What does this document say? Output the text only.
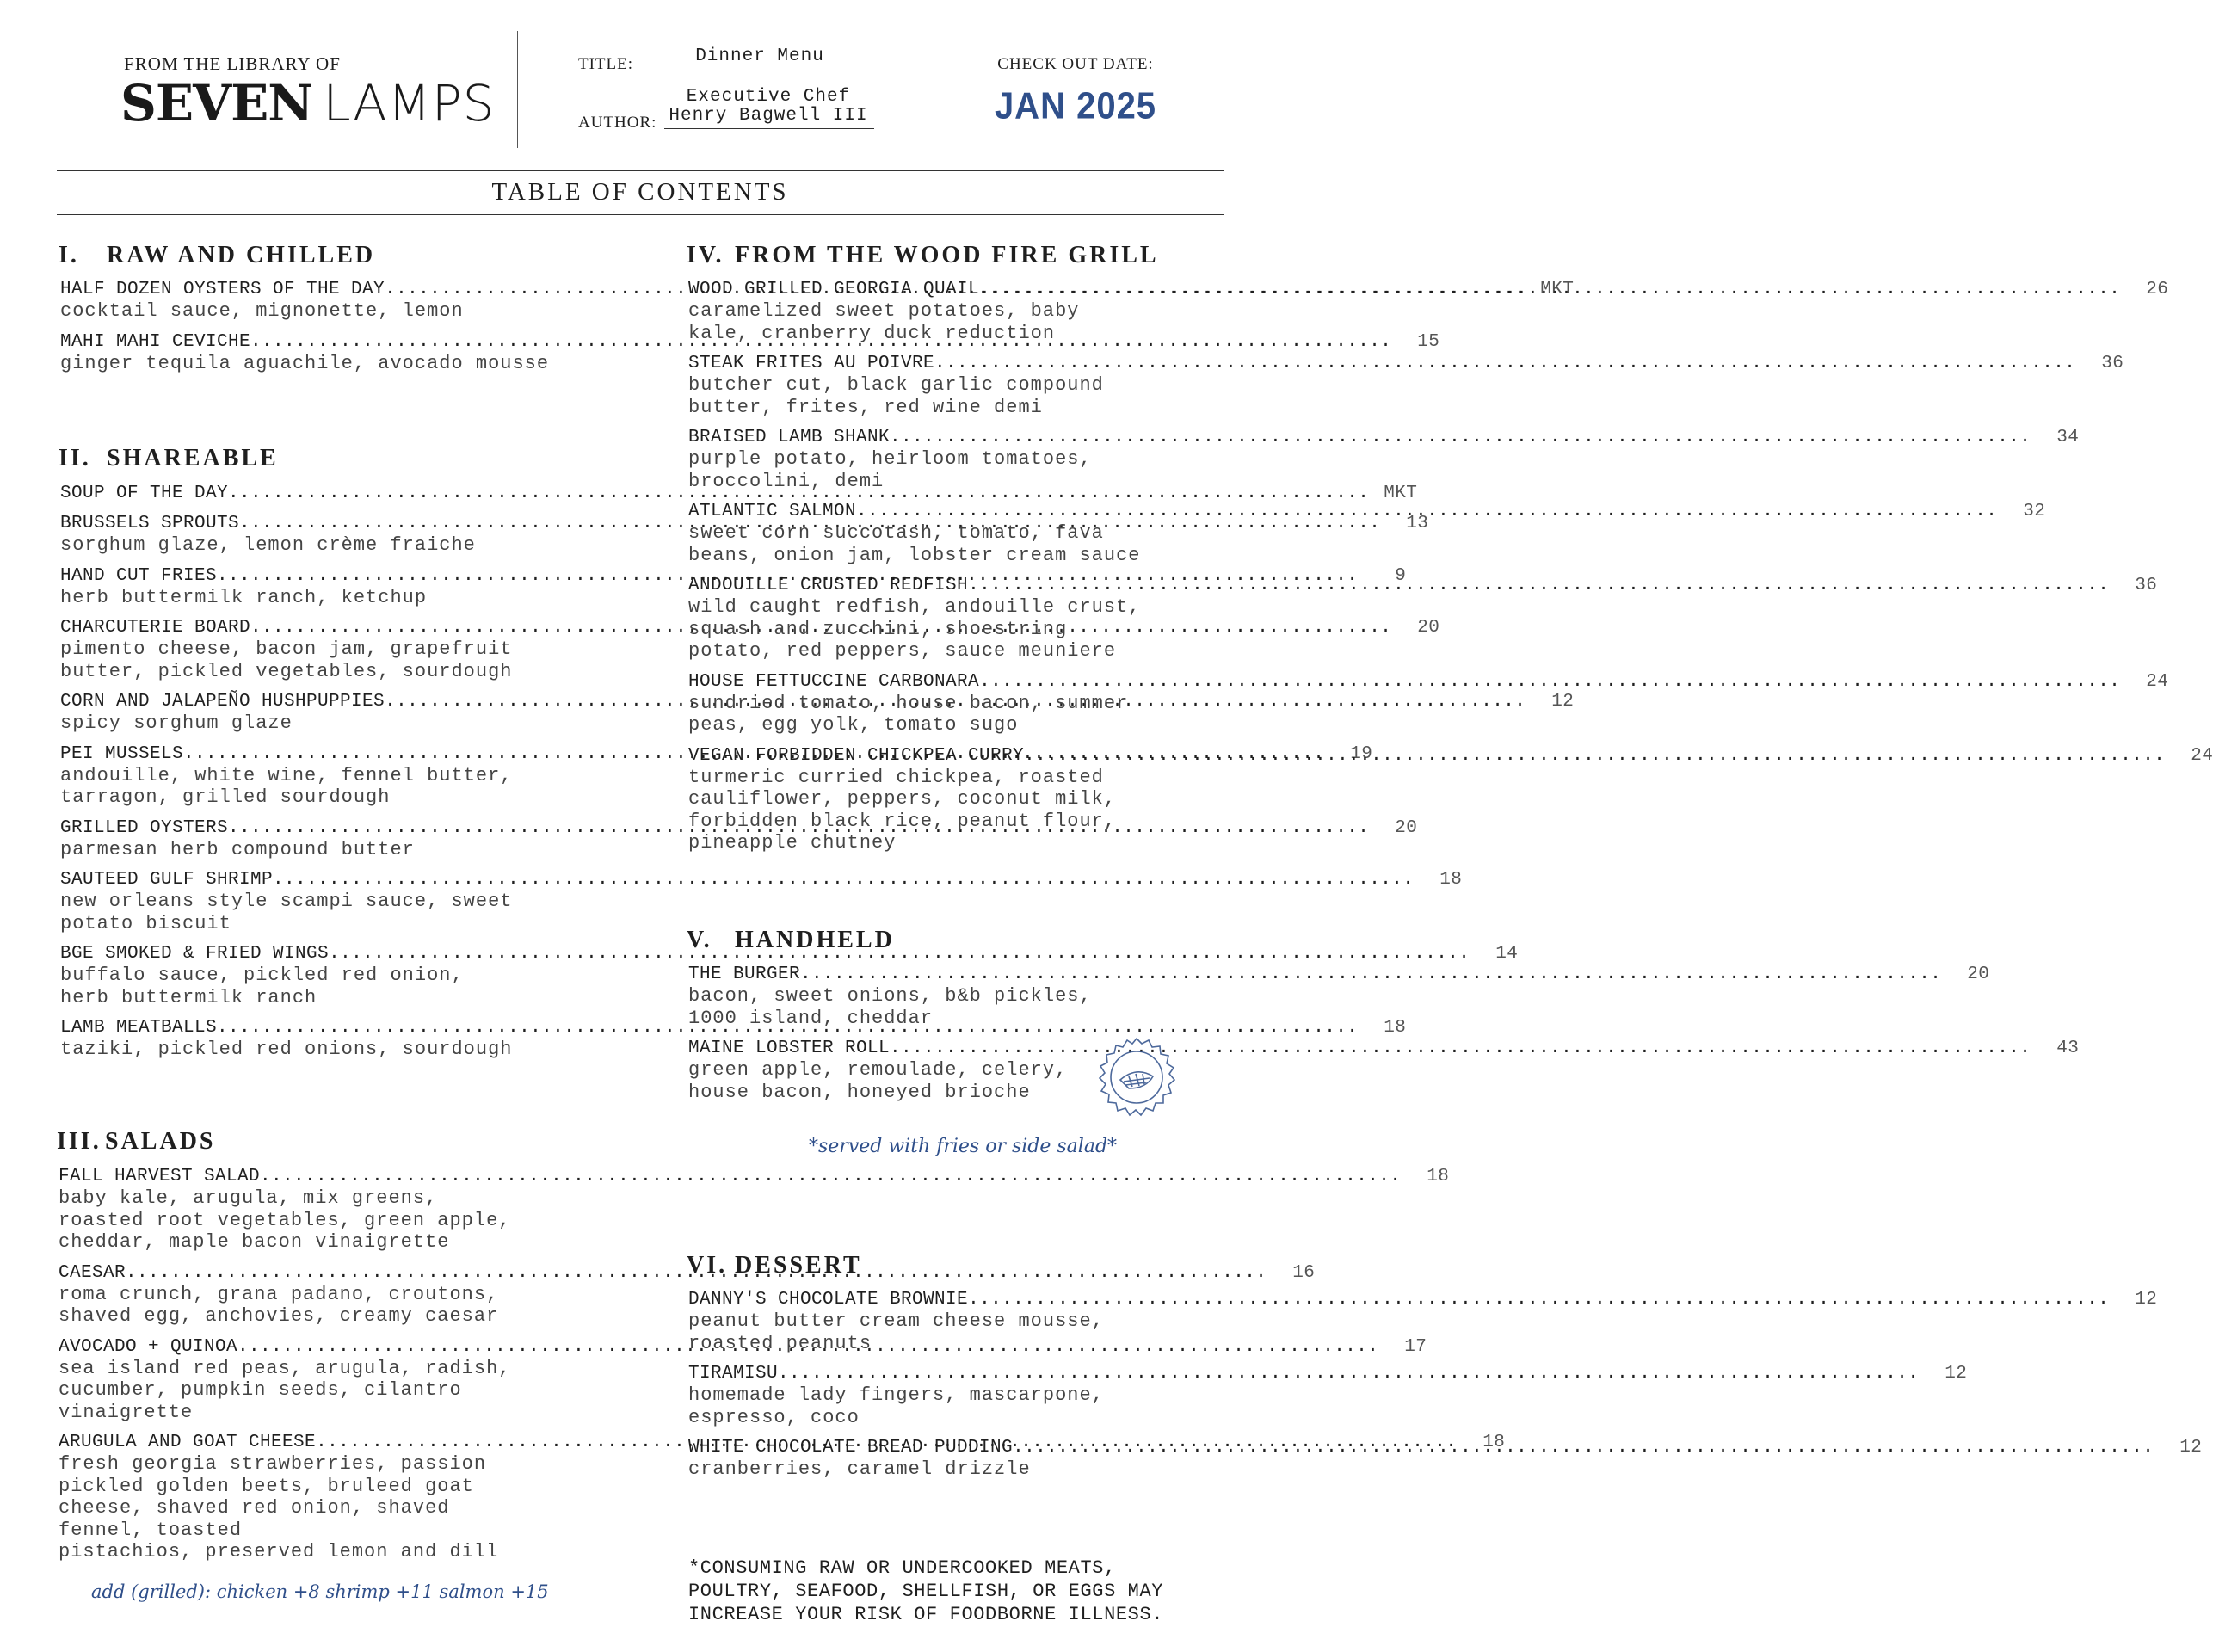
FROM THE LIBRARY OF
SEVEN LAMPS
TITLE:	Dinner Menu
Executive Chef
AUTHOR: Henry Bagwell III
CHECK OUT DATE:
JAN 2025
TABLE OF CONTENTS
I. RAW AND CHILLED
HALF DOZEN OYSTERS OF THE DAY .....	MKT
cocktail sauce, mignonette, lemon
MAHI MAHI CEVICHE .....	15
ginger tequila aguachile, avocado mousse
II. SHAREABLE
SOUP OF THE DAY .....	MKT
BRUSSELS SPROUTS .....	13
sorghum glaze, lemon crème fraiche
HAND CUT FRIES .....	9
herb buttermilk ranch, ketchup
CHARCUTERIE BOARD .....	20
pimento cheese, bacon jam, grapefruit
butter, pickled vegetables, sourdough
CORN AND JALAPEÑO HUSHPUPPIES .....	12
spicy sorghum glaze
PEI MUSSELS .....	19
andouille, white wine, fennel butter,
tarragon, grilled sourdough
GRILLED OYSTERS .....	20
parmesan herb compound butter
SAUTEED GULF SHRIMP .....	18
new orleans style scampi sauce, sweet
potato biscuit
BGE SMOKED & FRIED WINGS .....	14
buffalo sauce, pickled red onion,
herb buttermilk ranch
LAMB MEATBALLS .....	18
taziki, pickled red onions, sourdough
III. SALADS
FALL HARVEST SALAD .....	18
baby kale, arugula, mix greens,
roasted root vegetables, green apple,
cheddar, maple bacon vinaigrette
CAESAR .....	16
roma crunch, grana padano, croutons,
shaved egg, anchovies, creamy caesar
AVOCADO + QUINOA .....	17
sea island red peas, arugula, radish,
cucumber, pumpkin seeds, cilantro
vinaigrette
ARUGULA AND GOAT CHEESE .....	18
fresh georgia strawberries, passion
pickled golden beets, bruleed goat
cheese, shaved red onion, shaved
fennel, toasted
pistachios, preserved lemon and dill
add (grilled): chicken +8 shrimp +11 salmon +15
IV. FROM THE WOOD FIRE GRILL
WOOD GRILLED GEORGIA QUAIL .....	26
caramelized sweet potatoes, baby
kale, cranberry duck reduction
STEAK FRITES AU POIVRE .....	36
butcher cut, black garlic compound
butter, frites, red wine demi
BRAISED LAMB SHANK .....	34
purple potato, heirloom tomatoes,
broccolini, demi
ATLANTIC SALMON .....	32
sweet corn succotash, tomato, fava
beans, onion jam, lobster cream sauce
ANDOUILLE CRUSTED REDFISH .....	36
wild caught redfish, andouille crust,
squash and zucchini, shoestring
potato, red peppers, sauce meuniere
HOUSE FETTUCCINE CARBONARA .....	24
sundried tomato, house bacon, summer
peas, egg yolk, tomato sugo
VEGAN FORBIDDEN CHICKPEA CURRY .....	24
turmeric curried chickpea, roasted
cauliflower, peppers, coconut milk,
forbidden black rice, peanut flour,
pineapple chutney
V. HANDHELD
THE BURGER .....	20
bacon, sweet onions, b&b pickles,
1000 island, cheddar
MAINE LOBSTER ROLL .....	43
green apple, remoulade, celery,
house bacon, honeyed brioche
*served with fries or side salad*
VI. DESSERT
DANNY'S CHOCOLATE BROWNIE .....	12
peanut butter cream cheese mousse,
roasted peanuts
TIRAMISU .....	12
homemade lady fingers, mascarpone,
espresso, coco
WHITE CHOCOLATE BREAD PUDDING .....	12
cranberries, caramel drizzle
*CONSUMING RAW OR UNDERCOOKED MEATS,
POULTRY, SEAFOOD, SHELLFISH, OR EGGS MAY
INCREASE YOUR RISK OF FOODBORNE ILLNESS.
